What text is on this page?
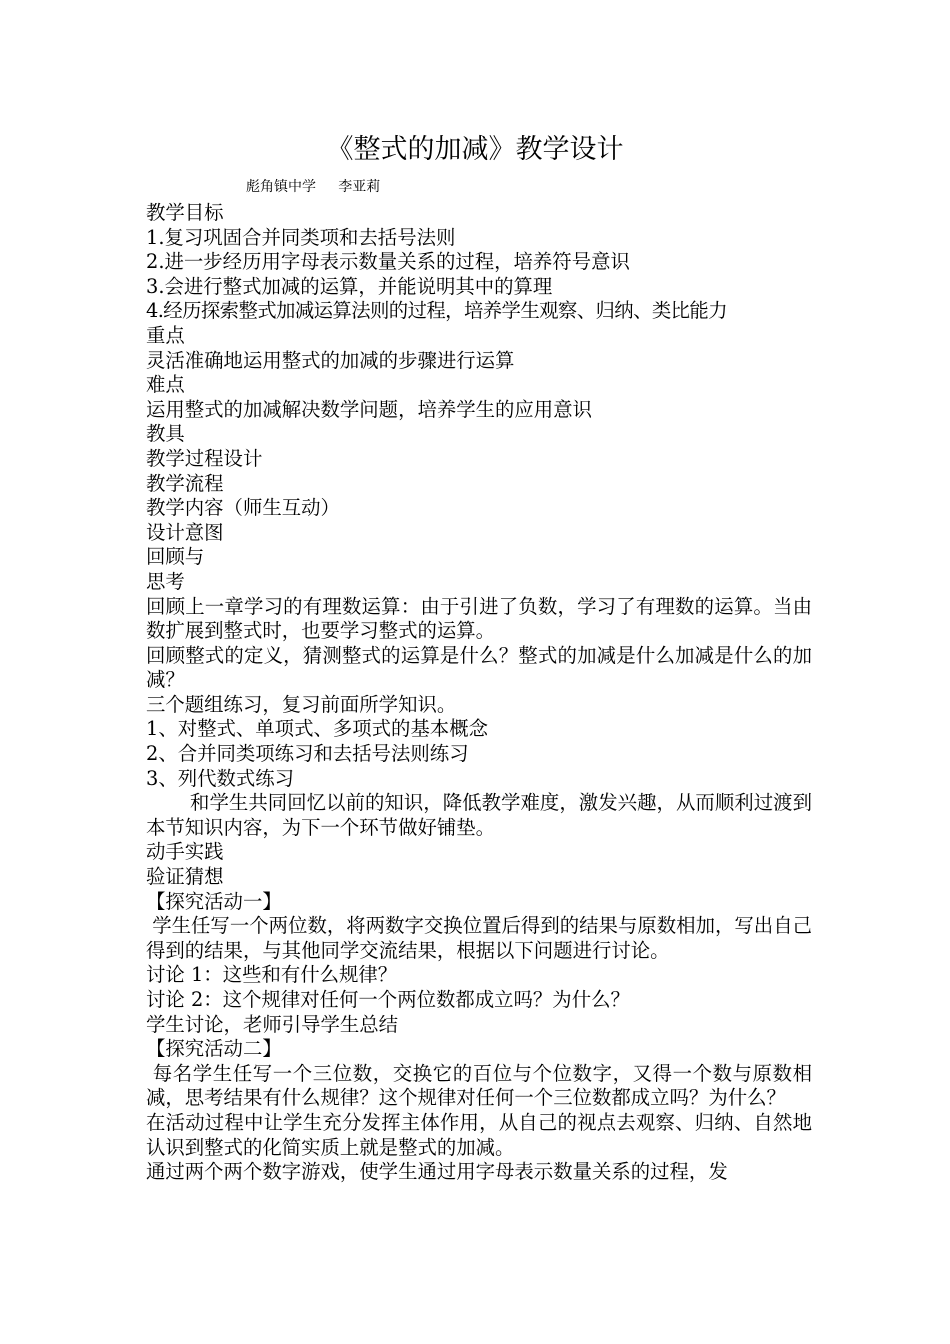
《整式的加减》教学设计
彪角镇中学     李亚莉

教学目标

1.复习巩固合并同类项和去括号法则

2.进一步经历用字母表示数量关系的过程，培养符号意识

3.会进行整式加减的运算，并能说明其中的算理

4.经历探索整式加减运算法则的过程，培养学生观察、归纳、类比能力

重点

灵活准确地运用整式的加减的步骤进行运算

难点

运用整式的加减解决数学问题，培养学生的应用意识

教具

教学过程设计

教学流程

教学内容（师生互动）

设计意图

回顾与

思考

回顾上一章学习的有理数运算：由于引进了负数，学习了有理数的运算。当由数扩展到整式时，也要学习整式的运算。

回顾整式的定义，猜测整式的运算是什么？整式的加减是什么加减是什么的加减？

三个题组练习，复习前面所学知识。

1、对整式、单项式、多项式的基本概念

2、合并同类项练习和去括号法则练习

3、列代数式练习

和学生共同回忆以前的知识，降低教学难度，激发兴趣，从而顺利过渡到本节知识内容，为下一个环节做好铺垫。

动手实践

验证猜想

【探究活动一】

学生任写一个两位数，将两数字交换位置后得到的结果与原数相加，写出自己得到的结果，与其他同学交流结果，根据以下问题进行讨论。

讨论 1：这些和有什么规律？

讨论 2：这个规律对任何一个两位数都成立吗？为什么？

学生讨论，老师引导学生总结

【探究活动二】

每名学生任写一个三位数，交换它的百位与个位数字，又得一个数与原数相减，思考结果有什么规律？这个规律对任何一个三位数都成立吗？为什么？

在活动过程中让学生充分发挥主体作用，从自己的视点去观察、归纳、自然地认识到整式的化简实质上就是整式的加减。

通过两个两个数字游戏，使学生通过用字母表示数量关系的过程，发
